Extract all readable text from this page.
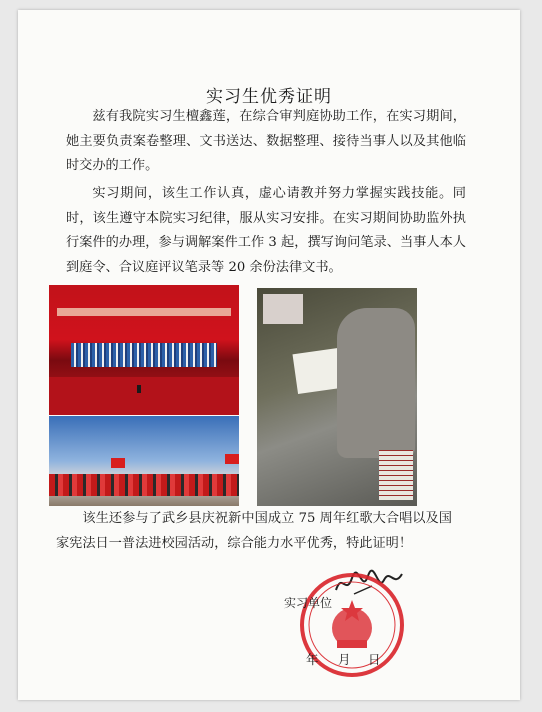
实习生优秀证明

兹有我院实习生檀鑫莲，在综合审判庭协助工作，在实习期间，她主要负责案卷整理、文书送达、数据整理、接待当事人以及其他临时交办的工作。

实习期间，该生工作认真，虚心请教并努力掌握实践技能。同时，该生遵守本院实习纪律，服从实习安排。在实习期间协助监外执行案件的办理，参与调解案件工作 3 起，撰写询问笔录、当事人本人到庭令、合议庭评议笔录等 20 余份法律文书。

该生还参与了武乡县庆祝新中国成立 75 周年红歌大合唱以及国家宪法日一普法进校园活动，综合能力水平优秀，特此证明！

实习单位
年 月 日
